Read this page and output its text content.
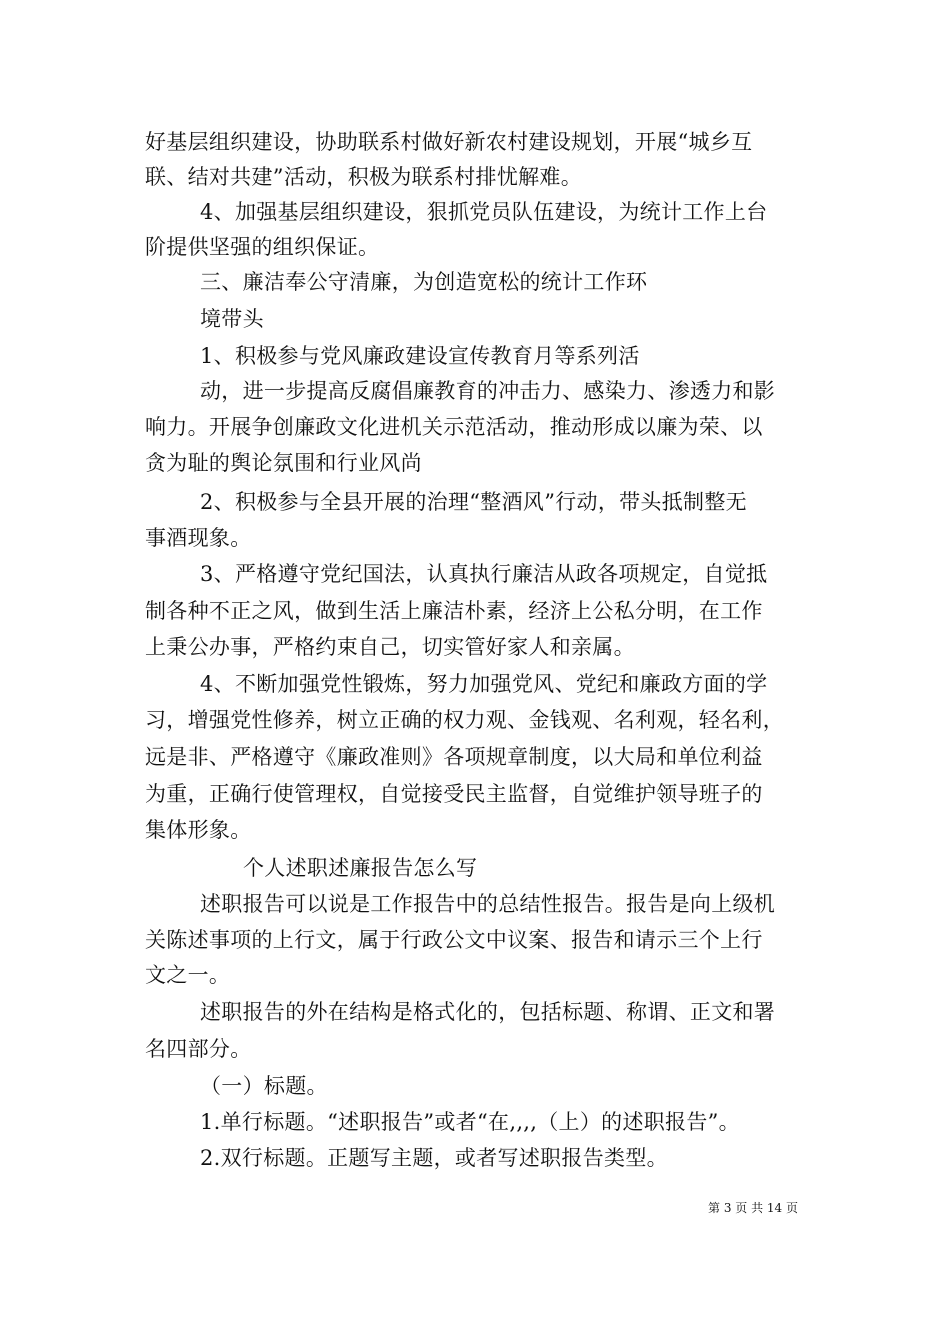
好基层组织建设，协助联系村做好新农村建设规划，开展“城乡互
联、结对共建”活动，积极为联系村排忧解难。
4、加强基层组织建设，狠抓党员队伍建设，为统计工作上台
阶提供坚强的组织保证。
三、廉洁奉公守清廉，为创造宽松的统计工作环
境带头
1、积极参与党风廉政建设宣传教育月等系列活
动，进一步提高反腐倡廉教育的冲击力、感染力、渗透力和影
响力。开展争创廉政文化进机关示范活动，推动形成以廉为荣、以
贪为耻的舆论氛围和行业风尚
2、积极参与全县开展的治理“整酒风”行动，带头抵制整无
事酒现象。
3、严格遵守党纪国法，认真执行廉洁从政各项规定，自觉抵
制各种不正之风，做到生活上廉洁朴素，经济上公私分明，在工作
上秉公办事，严格约束自己，切实管好家人和亲属。
4、不断加强党性锻炼，努力加强党风、党纪和廉政方面的学
习，增强党性修养，树立正确的权力观、金钱观、名利观，轻名利，
远是非、严格遵守《廉政准则》各项规章制度，以大局和单位利益
为重，正确行使管理权，自觉接受民主监督，自觉维护领导班子的
集体形象。
个人述职述廉报告怎么写
述职报告可以说是工作报告中的总结性报告。报告是向上级机
关陈述事项的上行文，属于行政公文中议案、报告和请示三个上行
文之一。
述职报告的外在结构是格式化的，包括标题、称谓、正文和署
名四部分。
（一）标题。
1.单行标题。“述职报告”或者“在,,,,（上）的述职报告”。
2.双行标题。正题写主题，或者写述职报告类型。
第 3 页 共 14 页
